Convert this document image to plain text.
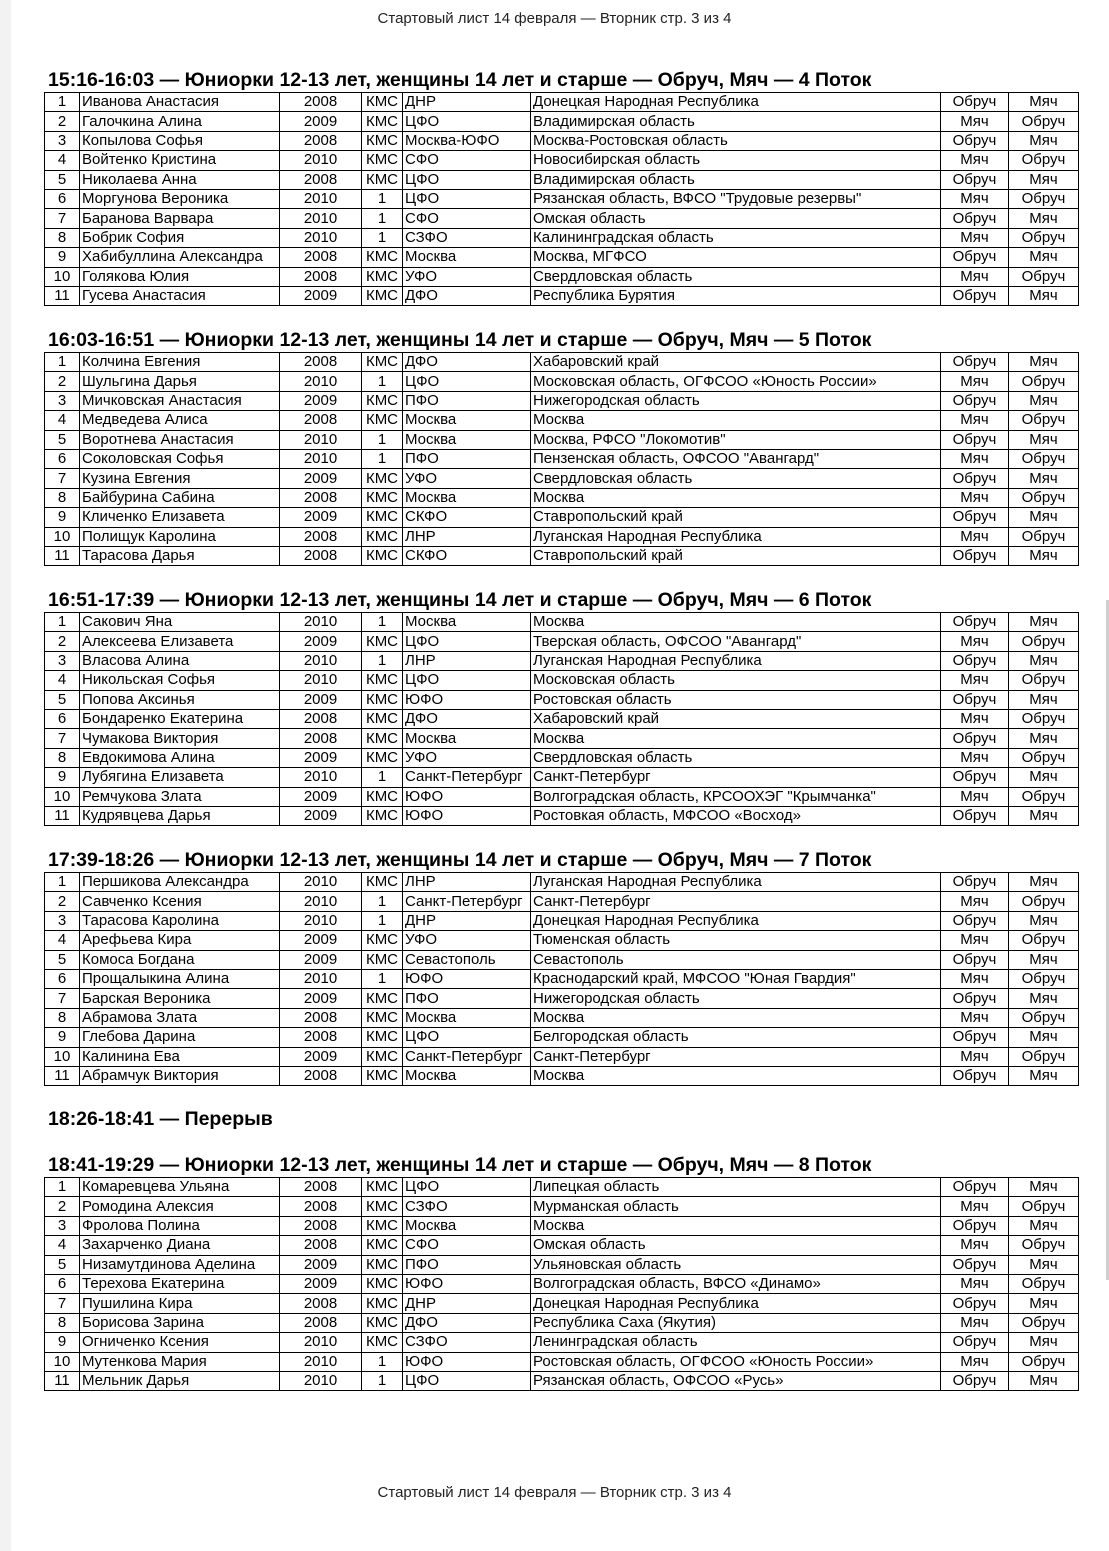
Стартовый лист 14 февраля — Вторник стр. 3 из 4
15:16-16:03 — Юниорки 12-13 лет, женщины 14 лет и старше — Обруч, Мяч — 4 Поток
1	Иванова Анастасия	2008	КМС	ДНР	Донецкая Народная Республика	Обруч	Мяч
2	Галочкина Алина	2009	КМС	ЦФО	Владимирская область	Мяч	Обруч
3	Копылова Софья	2008	КМС	Москва-ЮФО	Москва-Ростовская область	Обруч	Мяч
4	Войтенко Кристина	2010	КМС	СФО	Новосибирская область	Мяч	Обруч
5	Николаева Анна	2008	КМС	ЦФО	Владимирская область	Обруч	Мяч
6	Моргунова Вероника	2010	1	ЦФО	Рязанская область, ВФСО "Трудовые резервы"	Мяч	Обруч
7	Баранова Варвара	2010	1	СФО	Омская область	Обруч	Мяч
8	Бобрик София	2010	1	СЗФО	Калининградская область	Мяч	Обруч
9	Хабибуллина Александра	2008	КМС	Москва	Москва, МГФСО	Обруч	Мяч
10	Голякова Юлия	2008	КМС	УФО	Свердловская область	Мяч	Обруч
11	Гусева Анастасия	2009	КМС	ДФО	Республика Бурятия	Обруч	Мяч
16:03-16:51 — Юниорки 12-13 лет, женщины 14 лет и старше — Обруч, Мяч — 5 Поток
1	Колчина Евгения	2008	КМС	ДФО	Хабаровский край	Обруч	Мяч
2	Шульгина Дарья	2010	1	ЦФО	Московская область, ОГФСОО «Юность России»	Мяч	Обруч
3	Мичковская Анастасия	2009	КМС	ПФО	Нижегородская область	Обруч	Мяч
4	Медведева Алиса	2008	КМС	Москва	Москва	Мяч	Обруч
5	Воротнева Анастасия	2010	1	Москва	Москва, РФСО "Локомотив"	Обруч	Мяч
6	Соколовская Софья	2010	1	ПФО	Пензенская область, ОФСОО "Авангард"	Мяч	Обруч
7	Кузина Евгения	2009	КМС	УФО	Свердловская область	Обруч	Мяч
8	Байбурина Сабина	2008	КМС	Москва	Москва	Мяч	Обруч
9	Кличенко Елизавета	2009	КМС	СКФО	Ставропольский край	Обруч	Мяч
10	Полищук Каролина	2008	КМС	ЛНР	Луганская Народная Республика	Мяч	Обруч
11	Тарасова Дарья	2008	КМС	СКФО	Ставропольский край	Обруч	Мяч
16:51-17:39 — Юниорки 12-13 лет, женщины 14 лет и старше — Обруч, Мяч — 6 Поток
1	Сакович Яна	2010	1	Москва	Москва	Обруч	Мяч
2	Алексеева Елизавета	2009	КМС	ЦФО	Тверская область, ОФСОО "Авангард"	Мяч	Обруч
3	Власова Алина	2010	1	ЛНР	Луганская Народная Республика	Обруч	Мяч
4	Никольская Софья	2010	КМС	ЦФО	Московская область	Мяч	Обруч
5	Попова Аксинья	2009	КМС	ЮФО	Ростовская область	Обруч	Мяч
6	Бондаренко Екатерина	2008	КМС	ДФО	Хабаровский край	Мяч	Обруч
7	Чумакова Виктория	2008	КМС	Москва	Москва	Обруч	Мяч
8	Евдокимова Алина	2009	КМС	УФО	Свердловская область	Мяч	Обруч
9	Лубягина Елизавета	2010	1	Санкт-Петербург	Санкт-Петербург	Обруч	Мяч
10	Ремчукова Злата	2009	КМС	ЮФО	Волгоградская область, КРСООХЭГ "Крымчанка"	Мяч	Обруч
11	Кудрявцева Дарья	2009	КМС	ЮФО	Ростовкая область, МФСОО «Восход»	Обруч	Мяч
17:39-18:26 — Юниорки 12-13 лет, женщины 14 лет и старше — Обруч, Мяч — 7 Поток
1	Першикова Александра	2010	КМС	ЛНР	Луганская Народная Республика	Обруч	Мяч
2	Савченко Ксения	2010	1	Санкт-Петербург	Санкт-Петербург	Мяч	Обруч
3	Тарасова Каролина	2010	1	ДНР	Донецкая Народная Республика	Обруч	Мяч
4	Арефьева Кира	2009	КМС	УФО	Тюменская область	Мяч	Обруч
5	Комоса Богдана	2009	КМС	Севастополь	Севастополь	Обруч	Мяч
6	Прощалыкина Алина	2010	1	ЮФО	Краснодарский край, МФСОО "Юная Гвардия"	Мяч	Обруч
7	Барская Вероника	2009	КМС	ПФО	Нижегородская область	Обруч	Мяч
8	Абрамова Злата	2008	КМС	Москва	Москва	Мяч	Обруч
9	Глебова Дарина	2008	КМС	ЦФО	Белгородская область	Обруч	Мяч
10	Калинина Ева	2009	КМС	Санкт-Петербург	Санкт-Петербург	Мяч	Обруч
11	Абрамчук Виктория	2008	КМС	Москва	Москва	Обруч	Мяч
18:26-18:41 — Перерыв
18:41-19:29 — Юниорки 12-13 лет, женщины 14 лет и старше — Обруч, Мяч — 8 Поток
1	Комаревцева Ульяна	2008	КМС	ЦФО	Липецкая область	Обруч	Мяч
2	Ромодина Алексия	2008	КМС	СЗФО	Мурманская область	Мяч	Обруч
3	Фролова Полина	2008	КМС	Москва	Москва	Обруч	Мяч
4	Захарченко Диана	2008	КМС	СФО	Омская область	Мяч	Обруч
5	Низамутдинова Аделина	2009	КМС	ПФО	Ульяновская область	Обруч	Мяч
6	Терехова Екатерина	2009	КМС	ЮФО	Волгоградская область, ВФСО «Динамо»	Мяч	Обруч
7	Пушилина Кира	2008	КМС	ДНР	Донецкая Народная Республика	Обруч	Мяч
8	Борисова Зарина	2008	КМС	ДФО	Республика Саха (Якутия)	Мяч	Обруч
9	Огниченко Ксения	2010	КМС	СЗФО	Ленинградская область	Обруч	Мяч
10	Мутенкова Мария	2010	1	ЮФО	Ростовская область, ОГФСОО «Юность России»	Мяч	Обруч
11	Мельник Дарья	2010	1	ЦФО	Рязанская область, ОФСОО «Русь»	Обруч	Мяч
Стартовый лист 14 февраля — Вторник стр. 3 из 4
